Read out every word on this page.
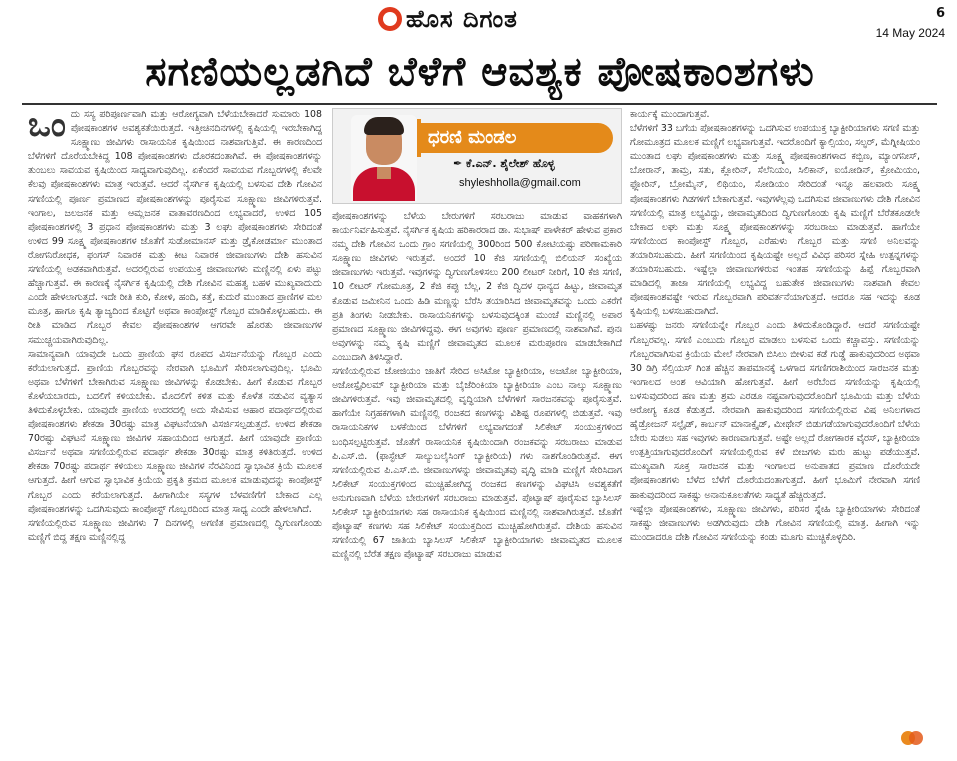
ಹೊಸ ದಿಗಂತ	6
14 May 2024
ಸಗಣಿಯಲ್ಲಡಗಿದೆ ಬೆಳೆಗೆ ಆವಶ್ಯಕ ಪೋಷಕಾಂಶಗಳು
ಒಂ ದು ಸಸ್ಯ ಪರಿಪೂರ್ಣವಾಗಿ ಮತ್ತು ಆರೋಗ್ಯವಾಗಿ ಬೆಳೆಯಬೇಕಾದರೆ ಸುಮಾರು 108 ಪೋಷಕಾಂಶಗಳ ಅವಶ್ಯಕತೆಯಿರುತ್ತದೆ. ಇತ್ತೀಚಿನದಿನಗಳಲ್ಲಿ ಕೃಷಿಯಲ್ಲಿ ಇರಬೇಕಾಗಿದ್ದ ಸೂಕ್ಷ್ಮಾಣು ಜೀವಿಗಳು ರಾಸಾಯನಿಕ ಕೃಷಿಯಿಂದ ನಾಶವಾಗುತ್ತಿವೆ. ಈ ಕಾರಣದಿಂದ ಬೆಳೆಗಳಿಗೆ ದೊರೆಯಬೇಕಿದ್ದ 108 ಪೋಷಕಾಂಶಗಳು ದೊರಕದಂತಾಗಿವೆ. ಈ ಪೋಷಕಾಂಶಗಳನ್ನು ತುಂಬಲು ಸಾವಯವ ಕೃಷಿಯಿಂದ ಸಾಧ್ಯವಾಗುವುದಿಲ್ಲ. ಏಕೆಂದರೆ ಸಾವಯವ ಗೊಬ್ಬರಗಳಲ್ಲಿ ಕೆಲವೇ ಕೆಲವು ಪೋಷಕಾಂಶಗಳು ಮಾತ್ರ ಇರುತ್ತವೆ. ಆದರೆ ನೈಸರ್ಗಿಕ ಕೃಷಿಯಲ್ಲಿ ಬಳಸುವ ದೇಶಿ ಗೋವಿನ ಸಗಣಿಯಲ್ಲಿ ಪೂರ್ಣ ಪ್ರಮಾಣದ ಪೋಷಕಾಂಶಗಳನ್ನು ಪೂರೈಸುವ ಸೂಕ್ಷ್ಮಾಣು ಜೀವಿಗಳಿರುತ್ತವೆ. ಇಂಗಾಲ, ಜಲಜನಕ ಮತ್ತು ಆಮ್ಲಜನಕ ವಾತಾವರಣದಿಂದ ಲಭ್ಯವಾದರೆ, ಉಳಿದ 105 ಪೋಷಕಾಂಶಗಳಲ್ಲಿ 3 ಪ್ರಧಾನ ಪೋಷಕಾಂಶಗಳು ಮತ್ತು 3 ಲಘು ಪೋಷಕಾಂಶಗಳು ಸೇರಿದಂತೆ ಉಳಿದ 99 ಸೂಕ್ಷ್ಮ ಪೋಷಕಾಂಶಗಳ ಜೊತೆಗೆ ಸುಡೋಮಾನಸ್ ಮತ್ತು ಡ್ರೈಕೋಡರ್ಮಾ ಮುಂತಾದ ರೋಗನಿರೋಧಕ, ಫಂಗಸ್ ನಿವಾರಕ ಮತ್ತು ಕೀಟ ನಿವಾರಕ ಜೀವಾಣುಗಳು ದೇಶಿ ಹಸುವಿನ ಸಗಣಿಯಲ್ಲಿ ಅಡಕವಾಗಿರುತ್ತವೆ. ಅದರಲ್ಲಿರುವ ಉಪಯುಕ್ತ ಜೀವಾಣುಗಳು ಮಣ್ಣಿನಲ್ಲಿ ಏಳು ಪಟ್ಟು ಹೆಚ್ಚಾಗುತ್ತವೆ. ಈ ಕಾರಣಕ್ಕೆ ನೈಸರ್ಗಿಕ ಕೃಷಿಯಲ್ಲಿ ದೇಶಿ ಗೋವಿನ ಮಹತ್ವ ಬಹಳ ಮುಖ್ಯವಾದುದು ಎಂದೇ ಹೇಳಲಾಗುತ್ತದೆ. ಇದೇ ರೀತಿ ಕುರಿ, ಕೋಳಿ, ಹಂದಿ, ಕತ್ತೆ, ಕುದುರೆ ಮುಂತಾದ ಪ್ರಾಣಿಗಳ ಮಲ ಮೂತ್ರ, ಹಾಗೂ ಕೃಷಿ ತ್ಯಾಜ್ಯದಿಂದ ಕೊಟ್ಟಿಗೆ ಅಥವಾ ಕಾಂಪೋಸ್ಟ್ ಗೊಬ್ಬರ ಮಾಡಿಕೊಳ್ಳಬಹುದು. ಈ ರೀತಿ ಮಾಡಿದ ಗೊಬ್ಬರ ಕೇವಲ ಪೋಷಕಾಂಶಗಳ ಆಗರವೇ ಹೊರತು ಜೀವಾಣುಗಳ ಸಮುಚ್ಚಯವಾಗಿರುವುದಿಲ್ಲ.

ಸಾಮಾನ್ಯವಾಗಿ ಯಾವುದೇ ಒಂದು ಪ್ರಾಣಿಯ ಘನ ರೂಪದ ವಿಸರ್ಜನೆಯನ್ನು ಗೊಬ್ಬರ ಎಂದು ಕರೆಯಲಾಗುತ್ತದೆ. ಪ್ರಾಣಿಯ ಗೊಬ್ಬರವನ್ನು ನೇರವಾಗಿ ಭೂಮಿಗೆ ಸೇರಿಸಲಾಗುವುದಿಲ್ಲ. ಭೂಮಿ ಅಥವಾ ಬೆಳೆಗಳಿಗೆ ಬೇಕಾಗಿರುವ ಸೂಕ್ಷ್ಮಾಣು ಜೀವಿಗಳನ್ನು ಕೊಡಬೇಕು. ಹೀಗೆ ಕೊಡುವ ಗೊಬ್ಬರ ಕೊಳೆಯಬಾರದು, ಬದಲಿಗೆ ಕಳಿಯಬೇಕು. ಮೊದಲಿಗೆ ಕಳಿತ ಮತ್ತು ಕೊಳೆತ ನಡುವಿನ ವ್ಯತ್ಯಾಸ ತಿಳಿದುಕೊಳ್ಳಬೇಕು. ಯಾವುದೇ ಪ್ರಾಣಿಯ ಉದರದಲ್ಲಿ ಅದು ಸೇವಿಸುವ ಆಹಾರ ಪದಾರ್ಥದಲ್ಲಿರುವ ಪೋಷಕಾಂಶಗಳು ಶೇಕಡಾ 30ರಷ್ಟು ಮಾತ್ರ ವಿಘಟನೆಯಾಗಿ ವಿಸರ್ಜಿಸಲ್ಪಡುತ್ತದೆ. ಉಳಿದ ಶೇಕಡಾ 70ರಷ್ಟು ವಿಘಟನೆ ಸೂಕ್ಷ್ಮಾಣು ಜೀವಿಗಳ ಸಹಾಯದಿಂದ ಆಗುತ್ತದೆ. ಹೀಗೆ ಯಾವುದೇ ಪ್ರಾಣಿಯ ವಿಸರ್ಜನೆ ಅಥವಾ ಸಗಣಿಯಲ್ಲಿರುವ ಪದಾರ್ಥ ಶೇಕಡಾ 30ರಷ್ಟು ಮಾತ್ರ ಕಳಿತಿರುತ್ತದೆ. ಉಳಿದ ಶೇಕಡಾ 70ರಷ್ಟು ಪದಾರ್ಥ ಕಳಿಯಲು ಸೂಕ್ಷ್ಮಾಣು ಜೀವಿಗಳ ನೆರವಿನಿಂದ ಸ್ವಾಭಾವಿಕ ಕ್ರಿಯೆ ಮೂಲಕ ಆಗುತ್ತದೆ. ಹೀಗೆ ಆಗುವ ಸ್ವಾಭಾವಿಕ ಕ್ರಿಯೆಯ ಪ್ರಕೃತಿ ಕ್ರಮದ ಮೂಲಕ ಮಾಡುವುದನ್ನು ಕಾಂಪೋಸ್ಟ್ ಗೊಬ್ಬರ ಎಂದು ಕರೆಯಲಾಗುತ್ತದೆ. ಹೀಗಾಗಿಯೇ ಸಸ್ಯಗಳ ಬೆಳವಣಿಗೆಗೆ ಬೇಕಾದ ಎಲ್ಲ ಪೋಷಕಾಂಶಗಳನ್ನು ಒದಗಿಸುವುದು ಕಾಂಪೋಸ್ಟ್ ಗೊಬ್ಬರದಿಂದ ಮಾತ್ರ ಸಾಧ್ಯ ಎಂದೇ ಹೇಳಲಾಗಿದೆ.

ಸಗಣಿಯಲ್ಲಿರುವ ಸೂಕ್ಷ್ಮಾಣು ಜೀವಿಗಳು 7 ದಿನಗಳಲ್ಲಿ ಅಗಣಿತ ಪ್ರಮಾಣದಲ್ಲಿ ದ್ವಿಗುಣಗೊಂಡು ಮಣ್ಣಿಗೆ ಬಿದ್ದ ತಕ್ಷಣ ಮಣ್ಣಿನಲ್ಲಿದ್ದ

ಧರಣಿ ಮಂಡಲ
✒ ಕೆ.ಎನ್. ಶೈಲೇಶ್ ಹೊಳ್ಳ
shyleshholla@gmail.com

ಪೋಷಕಾಂಶಗಳನ್ನು ಬೆಳೆಯ ಬೇರುಗಳಿಗೆ ಸರಬರಾಜು ಮಾಡುವ ವಾಹಕಗಳಾಗಿ ಕಾರ್ಯನಿರ್ವಹಿಸುತ್ತವೆ. ನೈಸರ್ಗಿಕ ಕೃಷಿಯ ಹರಿಕಾರರಾದ ಡಾ. ಸುಭಾಷ್ ಪಾಳೇಕರ್ ಹೇಳುವ ಪ್ರಕಾರ ನಮ್ಮ ದೇಶಿ ಗೋವಿನ ಒಂದು ಗ್ರಾಂ ಸಗಣಿಯಲ್ಲಿ 300ರಿಂದ 500 ಕೋಟಿಯಷ್ಟು ಪರಿಣಾಮಕಾರಿ ಸೂಕ್ಷ್ಮಾಣು ಜೀವಿಗಳು ಇರುತ್ತವೆ. ಅಂದರೆ 10 ಕೆಜಿ ಸಗಣಿಯಲ್ಲಿ ಬಿಲಿಯನ್ ಸಂಖ್ಯೆಯ ಜೀವಾಣುಗಳು ಇರುತ್ತವೆ. ಇವುಗಳನ್ನು ದ್ವಿಗುಣಗೊಳಿಸಲು 200 ಲೀಟರ್ ನೀರಿಗೆ, 10 ಕೆಜಿ ಸಗಣಿ, 10 ಲೀಟರ್ ಗೋಮೂತ್ರ, 2 ಕೆಜಿ ಕಪ್ಪು ಬೆಲ್ಲ, 2 ಕೆಜಿ ದ್ವಿದಳ ಧಾನ್ಯದ ಹಿಟ್ಟು, ಜೀವಾಮೃತ ಕೊಡುವ ಜಮೀನಿನ ಒಂದು ಹಿಡಿ ಮಣ್ಣನ್ನು ಬೆರೆಸಿ ತಯಾರಿಸಿದ ಜೀವಾಮೃತವನ್ನು ಒಂದು ಎಕರೆಗೆ ಪ್ರತಿ ತಿಂಗಳು ನೀಡಬೇಕು. ರಾಸಾಯನಿಕಗಳನ್ನು ಬಳಸುವುದಕ್ಕಿಂತ ಮುಂಚೆ ಮಣ್ಣಿನಲ್ಲಿ ಅಪಾರ ಪ್ರಮಾಣದ ಸೂಕ್ಷ್ಮಾಣು ಜೀವಿಗಳಿದ್ದವು. ಈಗ ಅವುಗಳು ಪೂರ್ಣ ಪ್ರಮಾಣದಲ್ಲಿ ನಾಶವಾಗಿವೆ. ಪುನಃ ಅವುಗಳನ್ನು ನಮ್ಮ ಕೃಷಿ ಮಣ್ಣಿಗೆ ಜೀವಾಮೃತದ ಮೂಲಕ ಮರುಪೂರಣ ಮಾಡಬೇಕಾಗಿದೆ ಎಂಬುದಾಗಿ ತಿಳಿಸಿದ್ದಾರೆ.

ಸಗಣಿಯಲ್ಲಿರುವ ಜೋಜಿಯಂ ಜಾತಿಗೆ ಸೇರಿದ ಅಸಿಟೋ ಬ್ಯಾಕ್ಟೀರಿಯಾ, ಅಜಟೋ ಬ್ಯಾಕ್ಟೀರಿಯಾ, ಅಜೋಸ್ಪೈರಿಲಮ್ ಬ್ಯಾಕ್ಟೀರಿಯಾ ಮತ್ತು ಬೈಜೆರಿಂಕಿಯಾ ಬ್ಯಾಕ್ಟೀರಿಯಾ ಎಂಬ ನಾಲ್ಕು ಸೂಕ್ಷ್ಮಾಣು ಜೀವಿಗಳಿರುತ್ತವೆ. ಇವು ಜೀವಾಮೃತದಲ್ಲಿ ವೃದ್ಧಿಯಾಗಿ ಬೆಳೆಗಳಿಗೆ ಸಾರಜನಕವನ್ನು ಪೂರೈಸುತ್ತವೆ. ಹಾಗೆಯೇ ನಿಗ್ರಹಕಗಳಾಗಿ ಮಣ್ಣಿನಲ್ಲಿ ರಂಜಕದ ಕಣಗಳನ್ನು ವಿಶಿಷ್ಟ ರೂಪಗಳಲ್ಲಿ ಬಿಡುತ್ತವೆ. ಇವು ರಾಸಾಯನಿಕಗಳ ಬಳಕೆಯಿಂದ ಬೆಳೆಗಳಿಗೆ ಲಭ್ಯವಾಗದಂತೆ ಸಿಲಿಕೇಟ್ ಸಂಯುಕ್ತಗಳಿಂದ ಬಂಧಿಸಲ್ಪಟ್ಟಿರುತ್ತವೆ. ಜೊತೆಗೆ ರಾಸಾಯನಿಕ ಕೃಷಿಯಿಂದಾಗಿ ರಂಜಕವನ್ನು ಸರಬರಾಜು ಮಾಡುವ ಪಿ.ಎಸ್.ಬಿ. (ಫಾಸ್ಫೇಟ್ ಸಾಲ್ಯುಬಲೈಸಿಂಗ್ ಬ್ಯಾಕ್ಟೀರಿಯ) ಗಳು ನಾಶಗೊಂಡಿರುತ್ತವೆ. ಈಗ ಸಗಣಿಯಲ್ಲಿರುವ ಪಿ.ಎಸ್.ಬಿ. ಜೀವಾಣುಗಳನ್ನು ಜೀವಾಮೃತವು ವೃದ್ಧಿ ಮಾಡಿ ಮಣ್ಣಿಗೆ ಸೇರಿಸಿದಾಗ ಸಿಲಿಕೇಟ್ ಸಂಯುಕ್ತಗಳಿಂದ ಮುಚ್ಚಿಹೋಗಿದ್ದ ರಂಜಕದ ಕಣಗಳನ್ನು ವಿಘಟಿಸಿ ಅವಶ್ಯಕತೆಗೆ ಅನುಗುಣವಾಗಿ ಬೆಳೆಯ ಬೇರುಗಳಿಗೆ ಸರಬರಾಜು ಮಾಡುತ್ತವೆ. ಪೊಟ್ಯಾಷ್ ಪೂರೈಸುವ ಬ್ಯಾಸಿಲಸ್ ಸಿಲಿಕೇಸ್ ಬ್ಯಾಕ್ಟೀರಿಯಾಗಳು ಸಹ ರಾಸಾಯನಿಕ ಕೃಷಿಯಿಂದ ಮಣ್ಣಿನಲ್ಲಿ ನಾಶವಾಗಿರುತ್ತವೆ. ಜೊತೆಗೆ ಪೊಟ್ಯಾಷ್ ಕಣಗಳು ಸಹ ಸಿಲಿಕೇಟ್ ಸಂಯುಕ್ತದಿಂದ ಮುಚ್ಚಿಹೋಗಿರುತ್ತವೆ. ದೇಶಿಯ ಹಸುವಿನ ಸಗಣಿಯಲ್ಲಿ 67 ಜಾತಿಯ ಬ್ಯಾಸಿಲಸ್ ಸಿಲಿಕೇಸ್ ಬ್ಯಾಕ್ಟೀರಿಯಾಗಳು ಜೀವಾಮೃತದ ಮೂಲಕ ಮಣ್ಣಿನಲ್ಲಿ ಬೆರೆತ ತಕ್ಷಣ ಪೊಟ್ಯಾಷ್ ಸರಬರಾಜು ಮಾಡುವ

ಕಾರ್ಯಕ್ಕೆ ಮುಂದಾಗುತ್ತವೆ.

ಬೆಳೆಗಳಿಗೆ 33 ಬಗೆಯ ಪೋಷಕಾಂಶಗಳನ್ನು ಒದಗಿಸುವ ಉಪಯುಕ್ತ ಬ್ಯಾಕ್ಟೀರಿಯಾಗಳು ಸಗಣಿ ಮತ್ತು ಗೋಮೂತ್ರದ ಮೂಲಕ ಮಣ್ಣಿಗೆ ಲಭ್ಯವಾಗುತ್ತವೆ. ಇದರೊಂದಿಗೆ ಕ್ಯಾಲ್ಸಿಯಂ, ಸಲ್ಫರ್, ಮೆಗ್ನೀಷಿಯಂ ಮುಂತಾದ ಲಘು ಪೋಷಕಾಂಶಗಳು ಮತ್ತು ಸೂಕ್ಷ್ಮ ಪೋಷಕಾಂಶಗಳಾದ ಕಬ್ಬಿಣ, ಮ್ಯಾಂಗನೀಸ್, ಬೋರಾನ್, ತಾಮ್ರ, ಸತು, ಕ್ಲೋರಿನ್, ಸೆಲೆನಿಯಂ, ಸಿಲಿಕಾನ್, ಐಯೋಡಿನ್, ಕ್ರೋಮಿಯಂ, ಫ್ಲೋರಿನ್, ಬ್ರೋಮೈನ್, ಲಿಥಿಯಂ, ಸೋಡಿಯಂ ಸೇರಿದಂತೆ ಇನ್ನೂ ಹಲವಾರು ಸೂಕ್ಷ್ಮ ಪೋಷಕಾಂಶಗಳು ಗಿಡಗಳಿಗೆ ಬೇಕಾಗುತ್ತವೆ. ಇವುಗಳೆಲ್ಲವು ಒದಗಿಸುವ ಜೀವಾಣುಗಳು ದೇಶಿ ಗೋವಿನ ಸಗಣಿಯಲ್ಲಿ ಮಾತ್ರ ಲಭ್ಯವಿದ್ದು, ಜೀವಾಮೃತದಿಂದ ದ್ವಿಗುಣಗೊಂಡು ಕೃಷಿ ಮಣ್ಣಿಗೆ ಬೆರೆತಕೂಡಲೇ ಬೇಕಾದ ಲಘು ಮತ್ತು ಸೂಕ್ಷ್ಮ ಪೋಷಕಾಂಶಗಳನ್ನು ಸರಬರಾಜು ಮಾಡುತ್ತವೆ. ಹಾಗೆಯೇ ಸಗಣಿಯಿಂದ ಕಾಂಪೋಸ್ಟ್ ಗೊಬ್ಬರ, ಎರೆಹುಳು ಗೊಬ್ಬರ ಮತ್ತು ಸಗಣಿ ಅನಿಲವನ್ನು ತಯಾರಿಸಬಹುದು. ಹೀಗೆ ಸಗಣಿಯಿಂದ ಕೃಷಿಯಷ್ಟೇ ಅಲ್ಲದೆ ವಿವಿಧ ಪರಿಸರ ಸ್ನೇಹಿ ಉತ್ಪನ್ನಗಳನ್ನು ತಯಾರಿಸಬಹುದು. ಇಷ್ಟೆಲ್ಲಾ ಜೀವಾಣುಗಳಿರುವ ಇಂತಹ ಸಗಣಿಯನ್ನು ಹಿಪ್ಪೆ ಗೊಬ್ಬರವಾಗಿ ಮಾಡಿದಲ್ಲಿ ತಾಜಾ ಸಗಣಿಯಲ್ಲಿ ಲಭ್ಯವಿದ್ದ ಬಹುತೇಕ ಜೀವಾಣುಗಳು ನಾಶವಾಗಿ ಕೇವಲ ಪೋಷಕಾಂಶವಷ್ಟೇ ಇರುವ ಗೊಬ್ಬರವಾಗಿ ಪರಿವರ್ತನೆಯಾಗುತ್ತದೆ. ಆದರೂ ಸಹ ಇದನ್ನು ಕೂಡ ಕೃಷಿಯಲ್ಲಿ ಬಳಸಬಹುದಾಗಿದೆ.

ಬಹಳಷ್ಟು ಜನರು ಸಗಣಿಯನ್ನೇ ಗೊಬ್ಬರ ಎಂದು ತಿಳಿದುಕೊಂಡಿದ್ದಾರೆ. ಆದರೆ ಸಗಣಿಯಷ್ಟೇ ಗೊಬ್ಬರವಲ್ಲ. ಸಗಣಿ ಎಂಬುದು ಗೊಬ್ಬರ ಮಾಡಲು ಬಳಸುವ ಒಂದು ಕಚ್ಚಾವಸ್ತು. ಸಗಣಿಯನ್ನು ಗೊಬ್ಬರವಾಗಿಸುವ ಕ್ರಿಯೆಯ ಮೇಲೆ ನೇರವಾಗಿ ಬಿಸಿಲು ಬೀಳುವ ಕಡೆ ಗುಡ್ಡೆ ಹಾಕುವುದರಿಂದ ಅಥವಾ 30 ಡಿಗ್ರಿ ಸೆಲ್ಸಿಯಸ್ ಗಿಂತ ಹೆಚ್ಚಿನ ತಾಪಮಾನಕ್ಕೆ ಒಳಗಾದ ಸಗಣಿಗರಾಶಿಯಿಂದ ಸಾರಜನಕ ಮತ್ತು ಇಂಗಾಲದ ಅಂಶ ಆವಿಯಾಗಿ ಹೋಗುತ್ತವೆ. ಹೀಗೆ ಅರೆಬೆಂದ ಸಗಣಿಯನ್ನು ಕೃಷಿಯಲ್ಲಿ ಬಳಸುವುದರಿಂದ ಹಣ ಮತ್ತು ಶ್ರಮ ಎರಡೂ ನಷ್ಟವಾಗುವುದರೊಂದಿಗೆ ಭೂಮಿಯ ಮತ್ತು ಬೆಳೆಯ ಆರೋಗ್ಯ ಕೂಡ ಕೆಡುತ್ತದೆ. ನೇರವಾಗಿ ಹಾಕುವುದರಿಂದ ಸಗಣಿಯಲ್ಲಿರುವ ವಿಷ ಅನಿಲಗಳಾದ ಹೈಡ್ರೋಜನ್ ಸಲ್ಫೈಡ್, ಕಾರ್ಬನ್ ಮಾನಾಕ್ಸೈಡ್, ಮೀಥೇನ್ ಬಿಡುಗಡೆಯಾಗುವುದರೊಂದಿಗೆ ಬೆಳೆಯ ಬೇರು ಸುಡಲು ಸಹ ಇವುಗಳು ಕಾರಣವಾಗುತ್ತವೆ. ಅಷ್ಟೇ ಅಲ್ಲದೆ ರೋಗಕಾರಕ ವೈರಸ್, ಬ್ಯಾಕ್ಟೀರಿಯಾ ಉತ್ಪತ್ತಿಯಾಗುವುದರೊಂದಿಗೆ ಸಗಣಿಯಲ್ಲಿರುವ ಕಳೆ ಬೀಜಗಳು ಮರು ಹುಟ್ಟು ಪಡೆಯುತ್ತವೆ. ಮುಖ್ಯವಾಗಿ ಸೂಕ್ತ ಸಾರಜನಕ ಮತ್ತು ಇಂಗಾಲದ ಅನುಪಾತದ ಪ್ರಮಾಣ ದೊರೆಯದೇ ಪೋಷಕಾಂಶಗಳು ಬೆಳೆದ ಬೆಳೆಗೆ ದೊರೆಯದಂತಾಗುತ್ತದೆ. ಹೀಗೆ ಭೂಮಿಗೆ ನೇರವಾಗಿ ಸಗಣಿ ಹಾಕುವುದರಿಂದ ಸಾಕಷ್ಟು ಅನಾನುಕೂಲತೆಗಳು ಸಾಧ್ಯತೆ ಹೆಚ್ಚಿರುತ್ತದೆ.

ಇಷ್ಟೆಲ್ಲಾ ಪೋಷಕಾಂಶಗಳು, ಸೂಕ್ಷ್ಮಾಣು ಜೀವಿಗಳು, ಪರಿಸರ ಸ್ನೇಹಿ ಬ್ಯಾಕ್ಟೀರಿಯಾಗಳು ಸೇರಿದಂತೆ ಸಾಕಷ್ಟು ಜೀವಾಣುಗಳು ಅಡಗಿರುವುದು ದೇಶಿ ಗೋವಿನ ಸಗಣಿಯಲ್ಲಿ ಮಾತ್ರ. ಹೀಗಾಗಿ ಇನ್ನು ಮುಂದಾದರೂ ದೇಶಿ ಗೋವಿನ ಸಗಣಿಯನ್ನು ಕಂಡು ಮೂಗು ಮುಚ್ಚಿಕೊಳ್ಳದಿರಿ.
